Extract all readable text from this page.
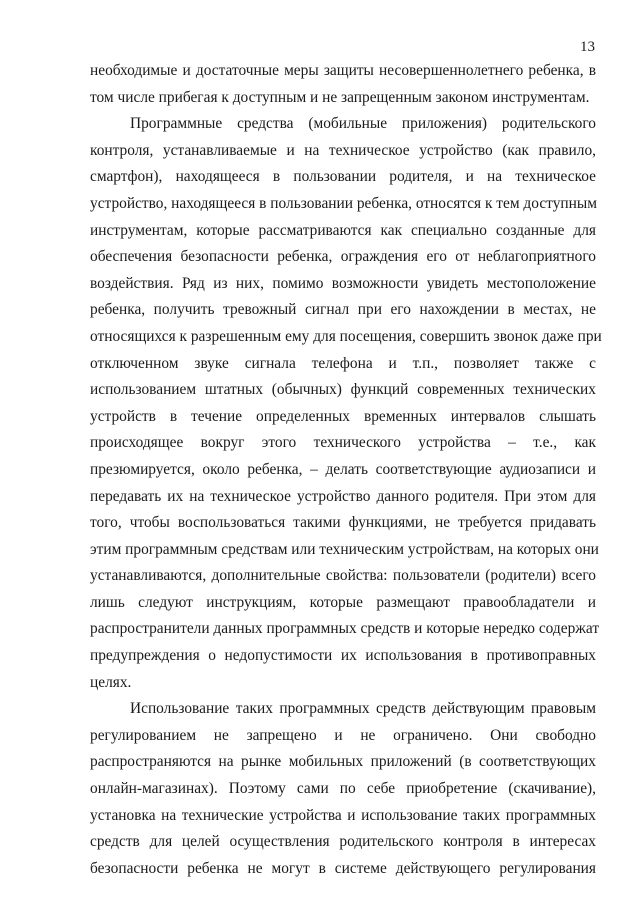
13
необходимые и достаточные меры защиты несовершеннолетнего ребенка, в
том числе прибегая к доступным и не запрещенным законом инструментам.
Программные средства (мобильные приложения) родительского
контроля, устанавливаемые и на техническое устройство (как правило,
смартфон), находящееся в пользовании родителя, и на техническое
устройство, находящееся в пользовании ребенка, относятся к тем доступным
инструментам, которые рассматриваются как специально созданные для
обеспечения безопасности ребенка, ограждения его от неблагоприятного
воздействия. Ряд из них, помимо возможности увидеть местоположение
ребенка, получить тревожный сигнал при его нахождении в местах, не
относящихся к разрешенным ему для посещения, совершить звонок даже при
отключенном звуке сигнала телефона и т.п., позволяет также с
использованием штатных (обычных) функций современных технических
устройств в течение определенных временных интервалов слышать
происходящее вокруг этого технического устройства – т.е., как
презюмируется, около ребенка, – делать соответствующие аудиозаписи и
передавать их на техническое устройство данного родителя. При этом для
того, чтобы воспользоваться такими функциями, не требуется придавать
этим программным средствам или техническим устройствам, на которых они
устанавливаются, дополнительные свойства: пользователи (родители) всего
лишь следуют инструкциям, которые размещают правообладатели и
распространители данных программных средств и которые нередко содержат
предупреждения о недопустимости их использования в противоправных
целях.
Использование таких программных средств действующим правовым
регулированием не запрещено и не ограничено. Они свободно
распространяются на рынке мобильных приложений (в соответствующих
онлайн-магазинах). Поэтому сами по себе приобретение (скачивание),
установка на технические устройства и использование таких программных
средств для целей осуществления родительского контроля в интересах
безопасности ребенка не могут в системе действующего регулирования
